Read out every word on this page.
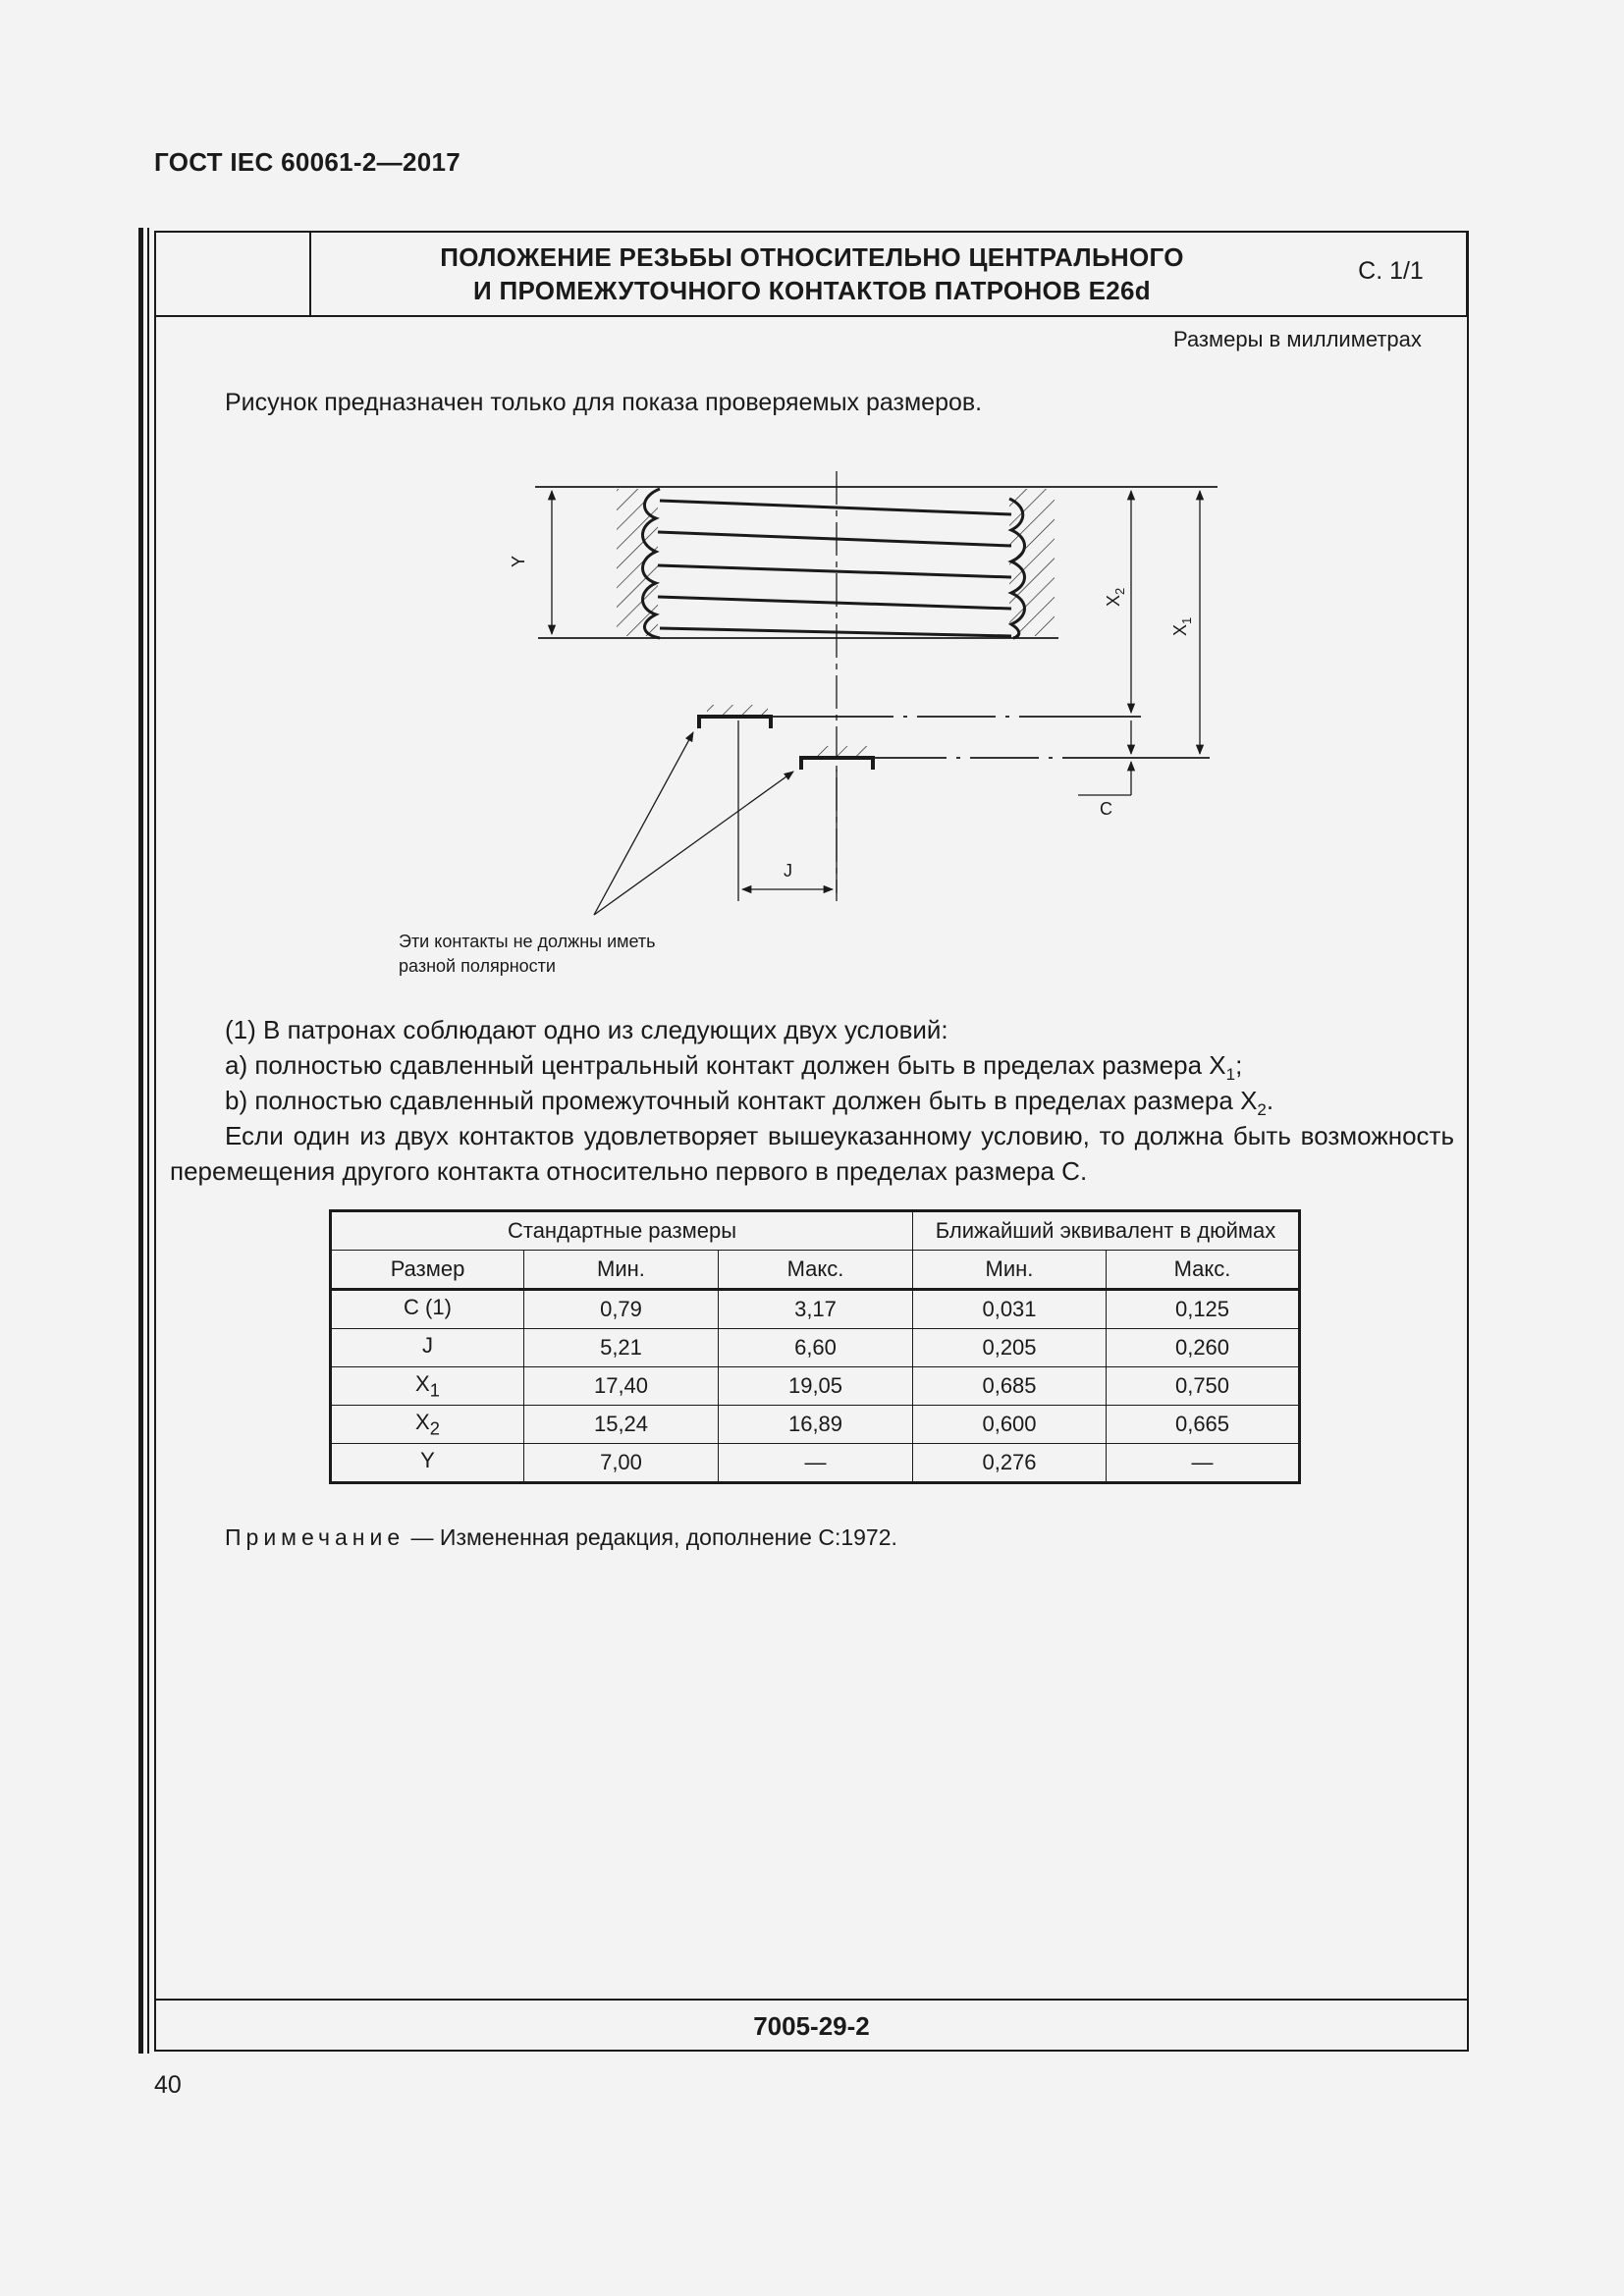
ГОСТ IEC 60061-2—2017
ПОЛОЖЕНИЕ РЕЗЬБЫ ОТНОСИТЕЛЬНО ЦЕНТРАЛЬНОГО
И ПРОМЕЖУТОЧНОГО КОНТАКТОВ ПАТРОНОВ E26d
С. 1/1
Размеры в миллиметрах
Рисунок предназначен только для показа проверяемых размеров.
Y
$X_2$
$X_1$
C
J
Эти контакты не должны иметь
разной полярности
(1) В патронах соблюдают одно из следующих двух условий:
a) полностью сдавленный центральный контакт должен быть в пределах размера $X_1$;
b) полностью сдавленный промежуточный контакт должен быть в пределах размера $X_2$.
Если один из двух контактов удовлетворяет вышеуказанному условию, то должна быть возможность перемещения другого контакта относительно первого в пределах размера C.
Стандартные размеры			Ближайший эквивалент в дюймах	
Размер	Мин.	Макс.	Мин.	Макс.
C (1)	0,79	3,17	0,031	0,125
J	5,21	6,60	0,205	0,260
$X_1$	17,40	19,05	0,685	0,750
$X_2$	15,24	16,89	0,600	0,665
Y	7,00	—	0,276	—
Примечание — Измененная редакция, дополнение C:1972.
7005-29-2
40
